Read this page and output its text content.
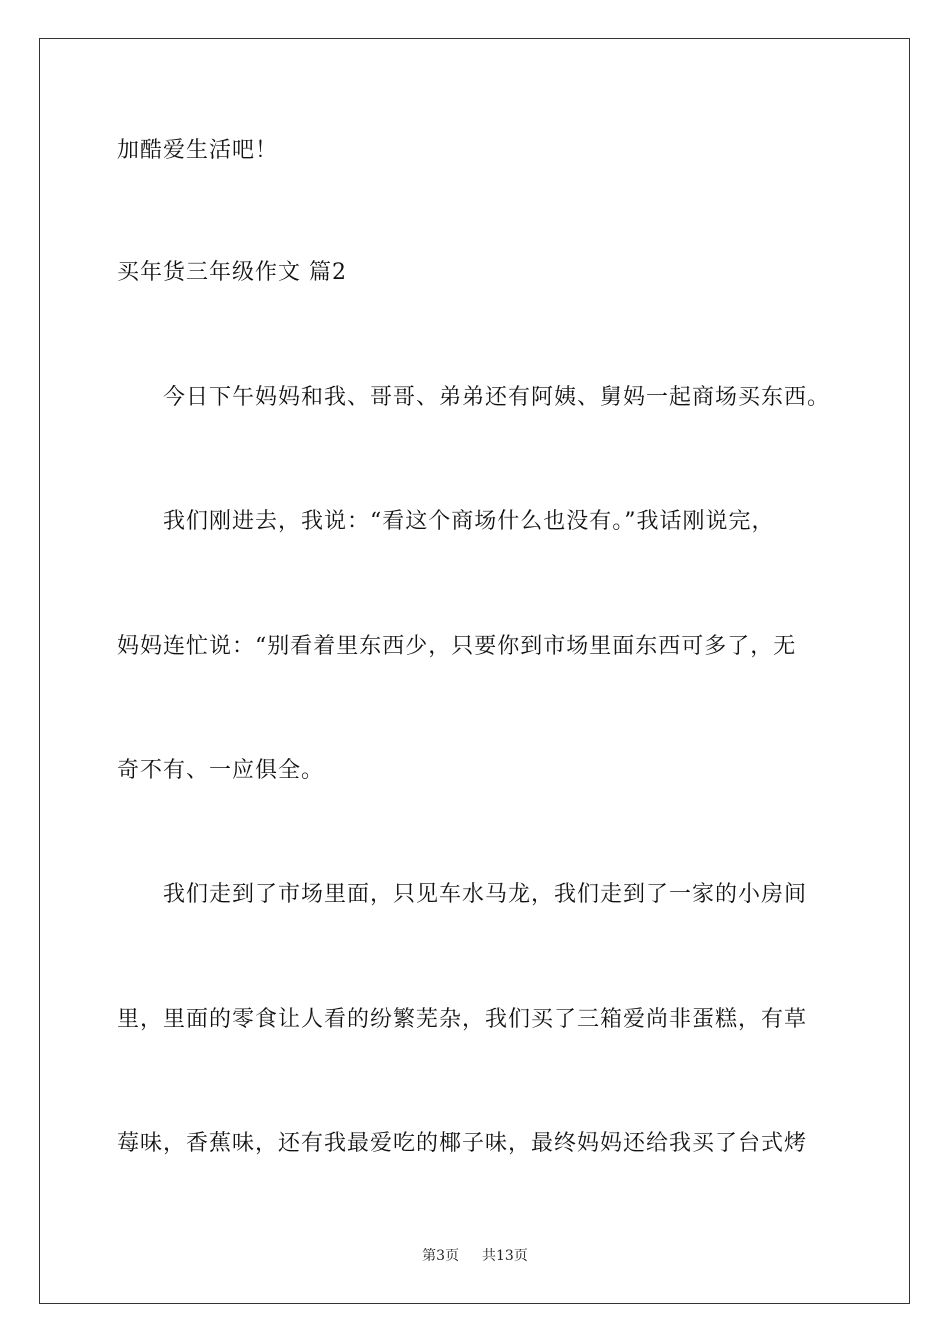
加酷爱生活吧！
买年货三年级作文 篇2
今日下午妈妈和我、哥哥、弟弟还有阿姨、舅妈一起商场买东西。
我们刚进去，我说：“看这个商场什么也没有。”我话刚说完，
妈妈连忙说：“别看着里东西少，只要你到市场里面东西可多了，无
奇不有、一应俱全。
我们走到了市场里面，只见车水马龙，我们走到了一家的小房间
里，里面的零食让人看的纷繁芜杂，我们买了三箱爱尚非蛋糕，有草
莓味，香蕉味，还有我最爱吃的椰子味，最终妈妈还给我买了台式烤
第3页 共13页
